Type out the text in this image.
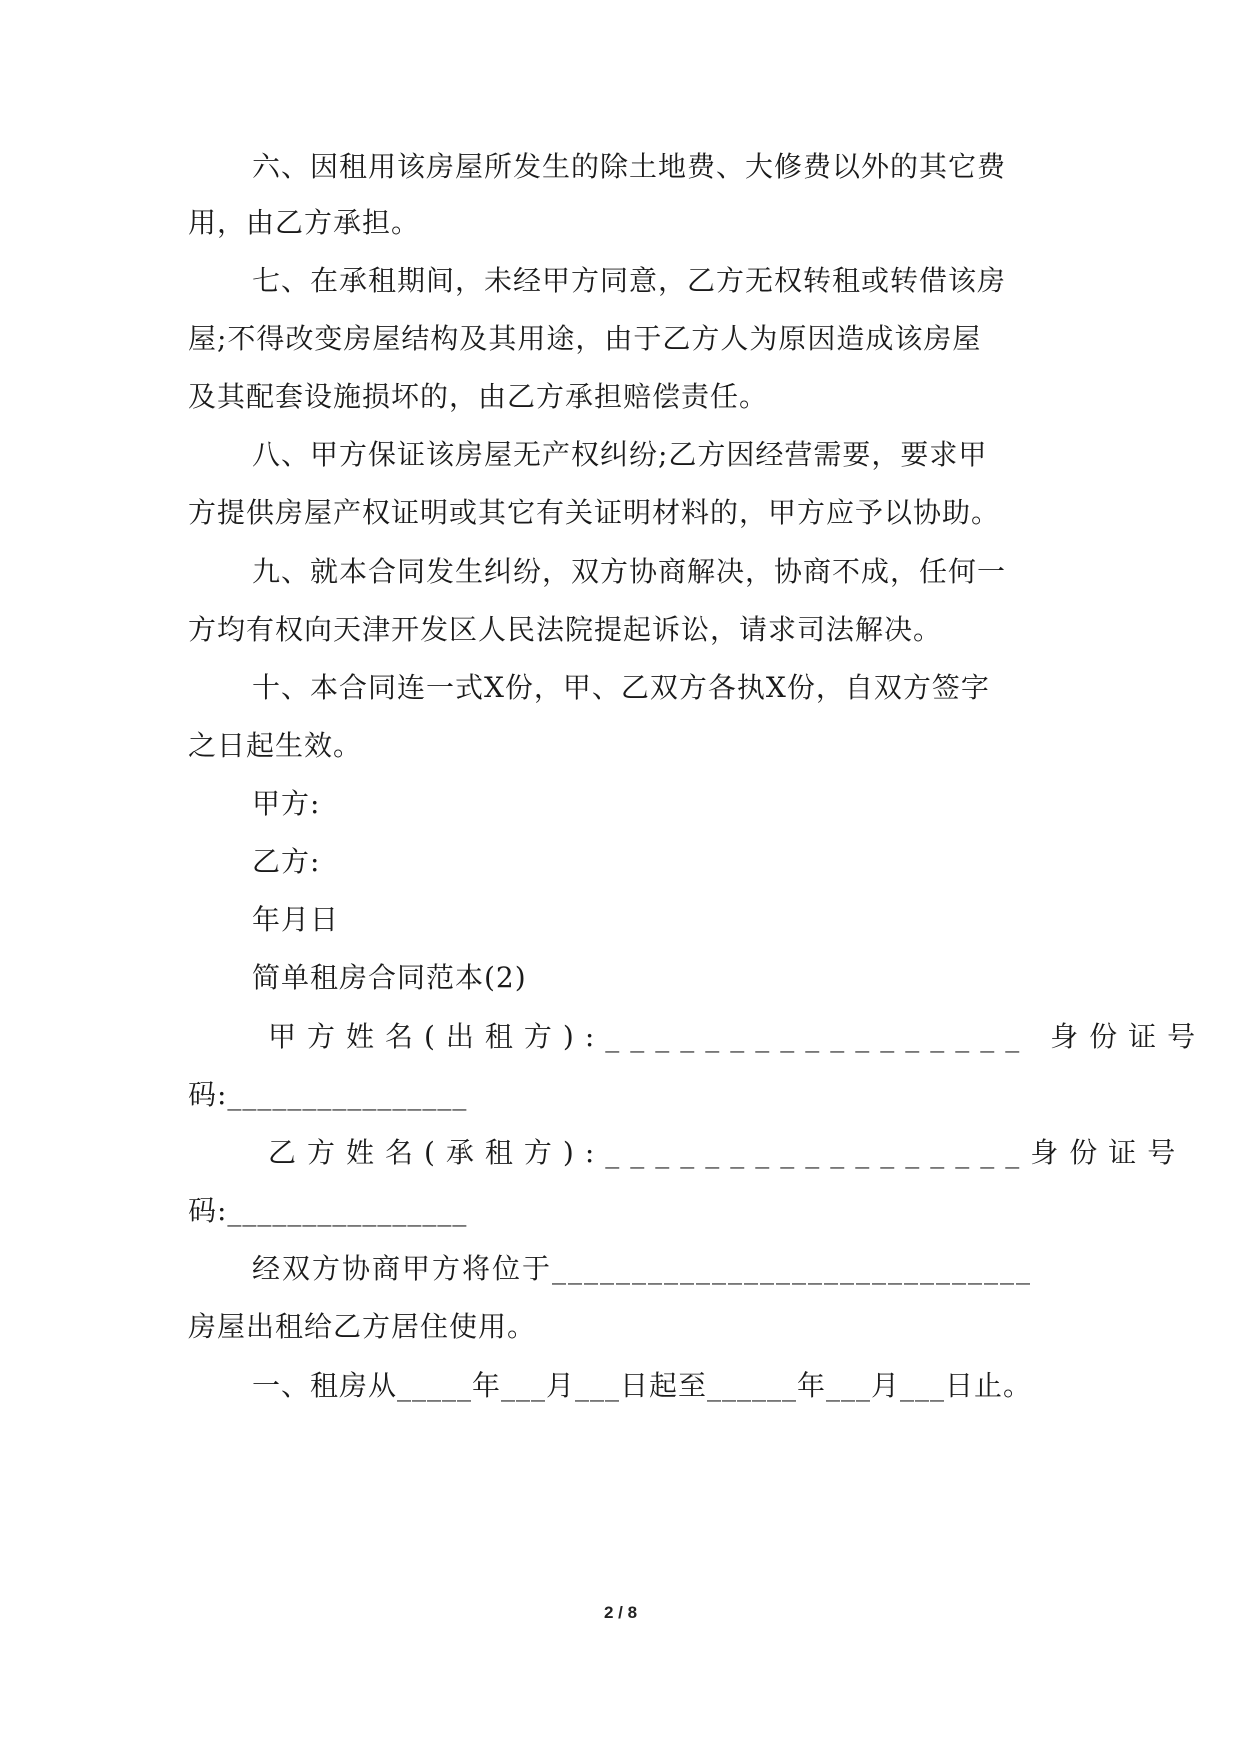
六、因租用该房屋所发生的除土地费、大修费以外的其它费
用，由乙方承担。
七、在承租期间，未经甲方同意，乙方无权转租或转借该房
屋;不得改变房屋结构及其用途，由于乙方人为原因造成该房屋
及其配套设施损坏的，由乙方承担赔偿责任。
八、甲方保证该房屋无产权纠纷;乙方因经营需要，要求甲
方提供房屋产权证明或其它有关证明材料的，甲方应予以协助。
九、就本合同发生纠纷，双方协商解决，协商不成，任何一
方均有权向天津开发区人民法院提起诉讼，请求司法解决。
十、本合同连一式X份，甲、乙双方各执X份，自双方签字
之日起生效。
甲方:
乙方:
年月日
简单租房合同范本(2)
甲方姓名(出租方):_________________ 身份证号
码:________________
乙方姓名(承租方):_________________身份证号
码:________________
经双方协商甲方将位于______________________________
房屋出租给乙方居住使用。
一、租房从_____年___月___日起至______年___月___日止。
2 / 8
